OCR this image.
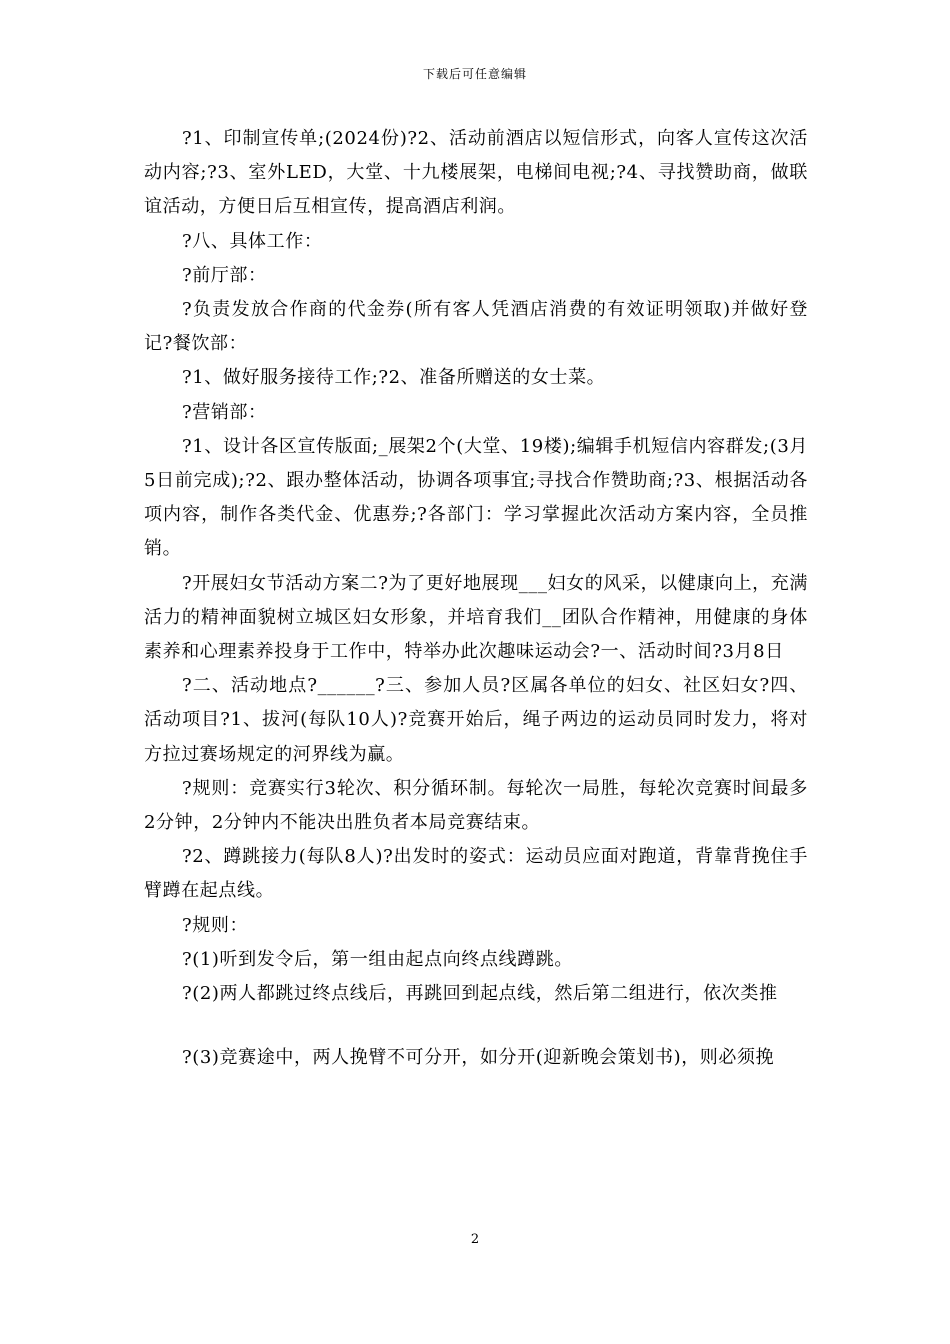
下载后可任意编辑

?1、印制宣传单;(2024份)?2、活动前酒店以短信形式，向客人宣传这次活动内容;?3、室外LED，大堂、十九楼展架，电梯间电视;?4、寻找赞助商，做联谊活动，方便日后互相宣传，提高酒店利润。

?八、具体工作：

?前厅部：

?负责发放合作商的代金券(所有客人凭酒店消费的有效证明领取)并做好登记?餐饮部：

?1、做好服务接待工作;?2、准备所赠送的女士菜。

?营销部：

?1、设计各区宣传版面;_展架2个(大堂、19楼);编辑手机短信内容群发;(3月5日前完成);?2、跟办整体活动，协调各项事宜;寻找合作赞助商;?3、根据活动各项内容，制作各类代金、优惠券;?各部门：学习掌握此次活动方案内容，全员推销。

?开展妇女节活动方案二?为了更好地展现___妇女的风采，以健康向上，充满活力的精神面貌树立城区妇女形象，并培育我们__团队合作精神，用健康的身体素养和心理素养投身于工作中，特举办此次趣味运动会?一、活动时间?3月8日

?二、活动地点?______?三、参加人员?区属各单位的妇女、社区妇女?四、活动项目?1、拔河(每队10人)?竞赛开始后，绳子两边的运动员同时发力，将对方拉过赛场规定的河界线为赢。

?规则：竞赛实行3轮次、积分循环制。每轮次一局胜，每轮次竞赛时间最多2分钟，2分钟内不能决出胜负者本局竞赛结束。

?2、蹲跳接力(每队8人)?出发时的姿式：运动员应面对跑道，背靠背挽住手臂蹲在起点线。

?规则：

?(1)听到发令后，第一组由起点向终点线蹲跳。

?(2)两人都跳过终点线后，再跳回到起点线，然后第二组进行，依次类推

?(3)竞赛途中，两人挽臂不可分开，如分开(迎新晚会策划书)，则必须挽

2
